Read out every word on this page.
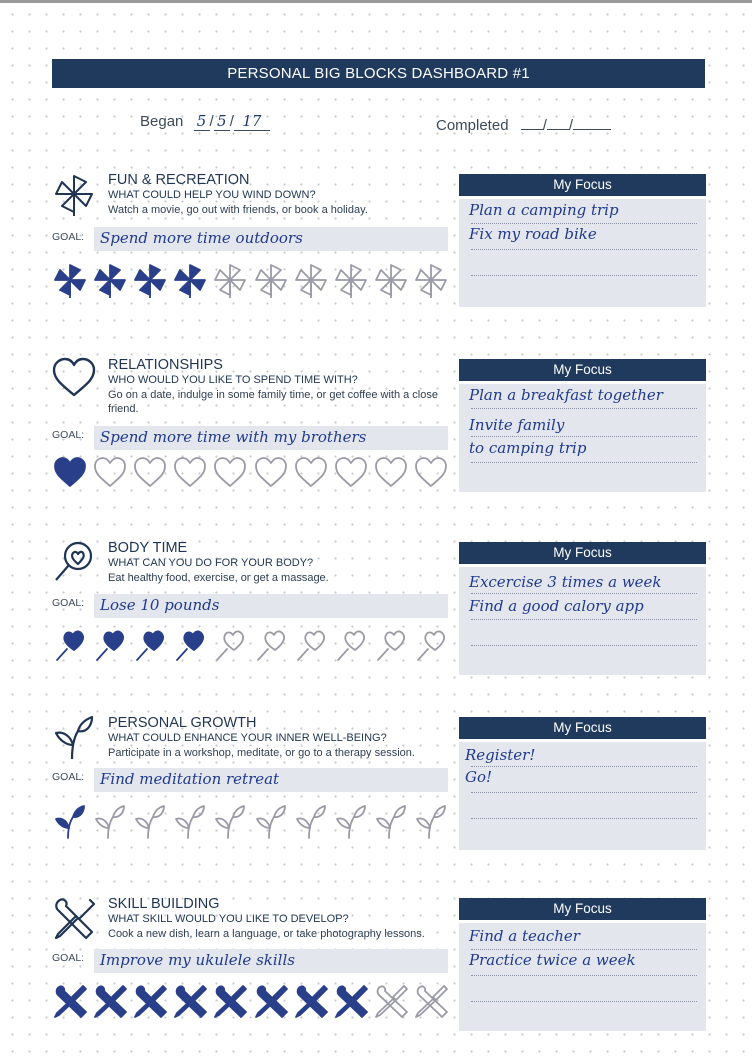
PERSONAL BIG BLOCKS DASHBOARD #1
Began 5 / 5 / 17	Completed / /
FUN & RECREATION
WHAT COULD HELP YOU WIND DOWN?
Watch a movie, go out with friends, or book a holiday.
GOAL: Spend more time outdoors
My Focus
Plan a camping trip
Fix my road bike
RELATIONSHIPS
WHO WOULD YOU LIKE TO SPEND TIME WITH?
Go on a date, indulge in some family time, or get coffee with a close friend.
GOAL: Spend more time with my brothers
My Focus
Plan a breakfast together
Invite family
to camping trip
BODY TIME
WHAT CAN YOU DO FOR YOUR BODY?
Eat healthy food, exercise, or get a massage.
GOAL: Lose 10 pounds
My Focus
Excercise 3 times a week
Find a good calory app
PERSONAL GROWTH
WHAT COULD ENHANCE YOUR INNER WELL-BEING?
Participate in a workshop, meditate, or go to a therapy session.
GOAL: Find meditation retreat
My Focus
Register!
Go!
SKILL BUILDING
WHAT SKILL WOULD YOU LIKE TO DEVELOP?
Cook a new dish, learn a language, or take photography lessons.
GOAL: Improve my ukulele skills
My Focus
Find a teacher
Practice twice a week
